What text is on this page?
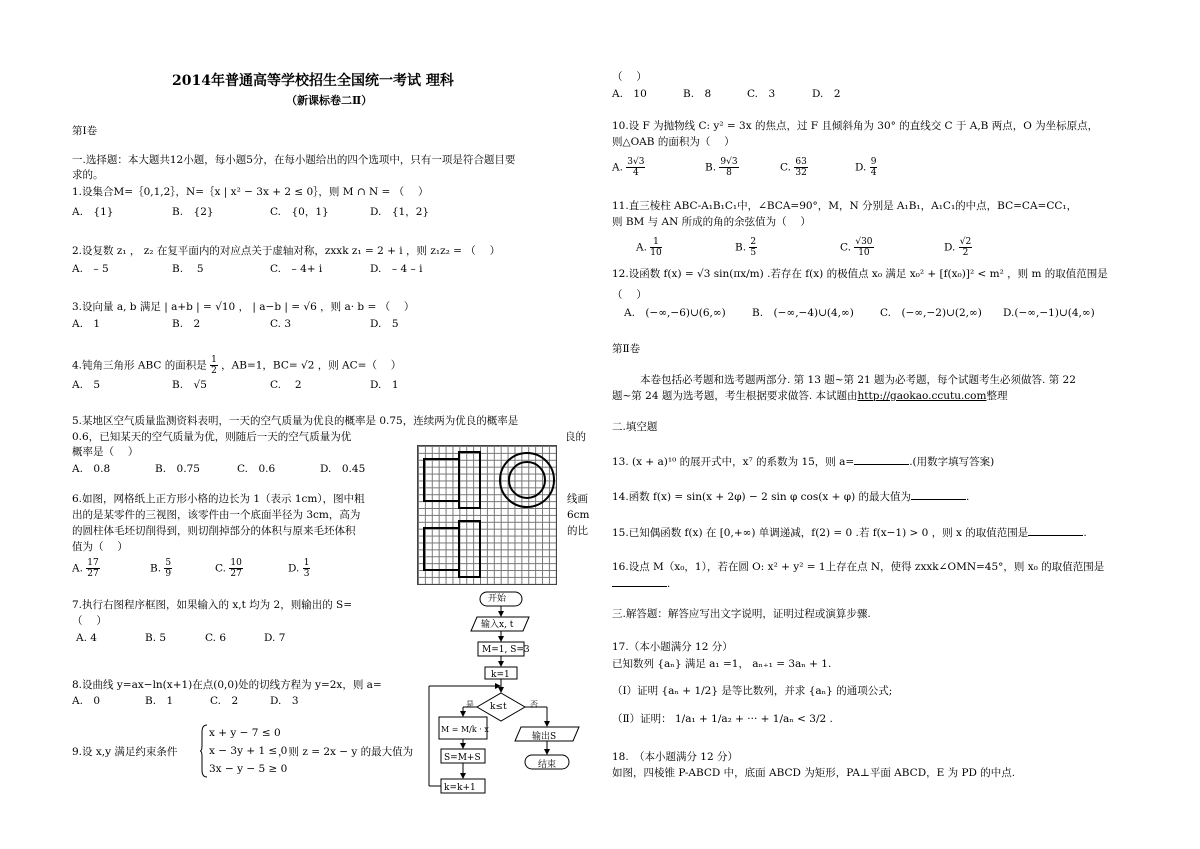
2014年普通高等学校招生全国统一考试 理科
（新课标卷二Ⅱ）
第Ⅰ卷
一.选择题：本大题共12小题，每小题5分，在每小题给出的四个选项中，只有一项是符合题目要
求的。
1.设集合M=｛0,1,2｝，N=｛x | x² − 3x + 2 ≤ 0｝，则 M ∩ N = （　 ）
A.　{1}	B.　{2}	C.　{0，1}	D.　{1，2}
2.设复数 z₁ ， z₂ 在复平面内的对应点关于虚轴对称，zxxk z₁ = 2 + i ，则 z₁z₂ = （　 ）
A.　– 5	B.　 5	C.　– 4+ i	D.　– 4 – i
3.设向量 a, b 满足 | a+b | = √10 ， | a−b | = √6 ，则 a· b = （　 ）
A.　1	B.　2	C. 3	D.　5
4.钝角三角形 ABC 的面积是 $\frac{1}{2}$ ，AB=1，BC= √2 ，则 AC=（　 ）
A.　5	B.　√5	C.　 2	D.　1
5.某地区空气质量监测资料表明，一天的空气质量为优良的概率是 0.75，连续两为优良的概率是
0.6，已知某天的空气质量为优，则随后一天的空气质量为优	良的
概率是（　 ）
A.　0.8	B.　0.75	C.　0.6	D.　0.45
6.如图，网格纸上正方形小格的边长为 1（表示 1cm），图中粗	线画
出的是某零件的三视图，该零件由一个底面半径为 3cm，高为	6cm
的圆柱体毛坯切削得到，则切削掉部分的体积与原来毛坯体积	的比
值为（　 ）
A. $\frac{17}{27}$	B. $\frac{5}{9}$	C. $\frac{10}{27}$	D. $\frac{1}{3}$
7.执行右图程序框图，如果输入的 x,t 均为 2，则输出的 S=
（　 ）
A. 4	B. 5	C. 6	D. 7
开始
输入x, t
M=1, S=3
k=1
k≤t
是	否
M = M/k · x
S=M+S
k=k+1
输出S
结束
8.设曲线 y=ax−ln(x+1)在点(0,0)处的切线方程为 y=2x，则 a=
A.　0	B.　1	C.　2	D.　3
9.设 x,y 满足约束条件
x + y − 7 ≤ 0
x − 3y + 1 ≤ 0
3x − y − 5 ≥ 0
，则 z = 2x − y 的最大值为
（　 ）
A.　10	B.　8	C.　3	D.　2
10.设 F 为抛物线 C: y² = 3x 的焦点，过 F 且倾斜角为 30° 的直线交 C 于 A,B 两点，O 为坐标原点，
则△OAB 的面积为（　 ）
A. $\frac{3√3}{4}$	B. $\frac{9√3}{8}$	C. $\frac{63}{32}$	D. $\frac{9}{4}$
11.直三棱柱 ABC-A₁B₁C₁中，∠BCA=90°，M，N 分别是 A₁B₁，A₁C₁的中点，BC=CA=CC₁，
则 BM 与 AN 所成的角的余弦值为（　 ）
A. $\frac{1}{10}$	B. $\frac{2}{5}$	C. $\frac{√30}{10}$	D. $\frac{√2}{2}$
12.设函数 f(x) = √3 sin(πx/m) .若存在 f(x) 的极值点 x₀ 满足 x₀² + [f(x₀)]² < m² ，则 m 的取值范围是
（　 ）
A.　(−∞,−6)∪(6,∞)	B.　(−∞,−4)∪(4,∞) C.　(−∞,−2)∪(2,∞) D.(−∞,−1)∪(4,∞)
第Ⅱ卷
本卷包括必考题和选考题两部分. 第 13 题~第 21 题为必考题，每个试题考生必须做答. 第 22
题~第 24 题为选考题，考生根据要求做答. 本试题由http://gaokao.ccutu.com整理
二.填空题
13. (x + a)¹⁰ 的展开式中，x⁷ 的系数为 15，则 a=	.(用数字填写答案)
14.函数 f(x) = sin(x + 2φ) − 2 sin φ cos(x + φ) 的最大值为	.
15.已知偶函数 f(x) 在 [0,+∞) 单调递减，f(2) = 0 .若 f(x−1) > 0 ，则 x 的取值范围是	.
16.设点 M（x₀，1），若在圆 O: x² + y² = 1上存在点 N，使得 zxxk∠OMN=45°，则 x₀ 的取值范围是
.
三.解答题：解答应写出文字说明，证明过程或演算步骤.
17.（本小题满分 12 分）
已知数列 {aₙ} 满足 a₁ =1， aₙ₊₁ = 3aₙ + 1.
（Ⅰ）证明 {aₙ + 1/2} 是等比数列，并求 {aₙ} 的通项公式;
（Ⅱ）证明： 1/a₁ + 1/a₂ + ··· + 1/aₙ < 3/2 .
18.　（本小题满分 12 分）
如图，四棱锥 P-ABCD 中，底面 ABCD 为矩形，PA⊥平面 ABCD，E 为 PD 的中点.
